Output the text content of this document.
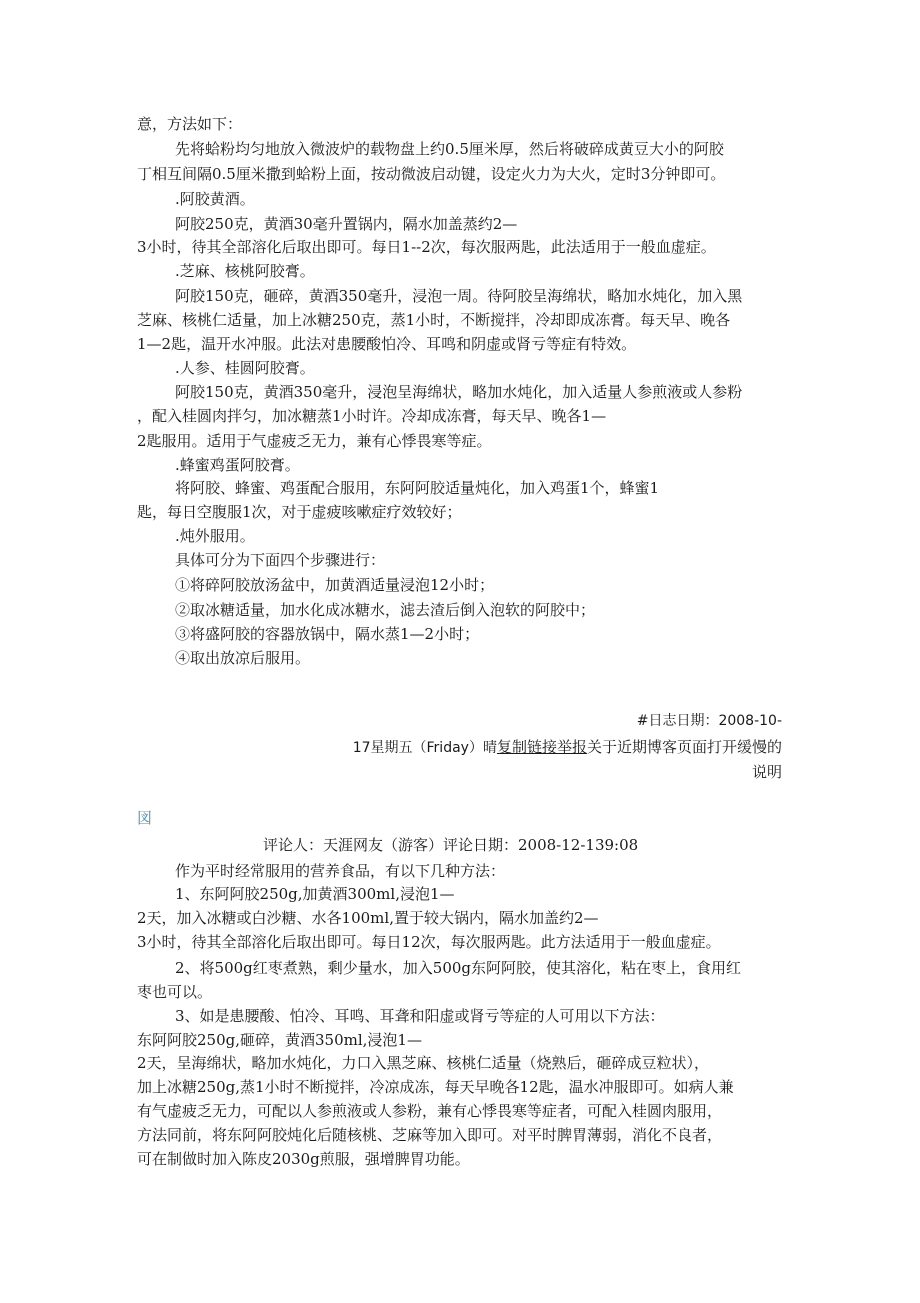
意，方法如下：
先将蛤粉均匀地放入微波炉的载物盘上约0.5厘米厚，然后将破碎成黄豆大小的阿胶
丁相互间隔0.5厘米撒到蛤粉上面，按动微波启动键，设定火力为大火，定时3分钟即可。
.阿胶黄酒。
阿胶250克，黄酒30毫升置锅内，隔水加盖蒸约2—
3小时，待其全部溶化后取出即可。每日1--2次，每次服两匙，此法适用于一般血虚症。
.芝麻、核桃阿胶膏。
阿胶150克，砸碎，黄酒350毫升，浸泡一周。待阿胶呈海绵状，略加水炖化，加入黑
芝麻、核桃仁适量，加上冰糖250克，蒸1小时，不断搅拌，冷却即成冻膏。每天早、晚各
1—2匙，温开水冲服。此法对患腰酸怕冷、耳鸣和阴虚或肾亏等症有特效。
.人参、桂圆阿胶膏。
阿胶150克，黄酒350毫升，浸泡呈海绵状，略加水炖化，加入适量人参煎液或人参粉
，配入桂圆肉拌匀，加冰糖蒸1小时许。冷却成冻膏，每天早、晚各1—
2匙服用。适用于气虚疲乏无力，兼有心悸畏寒等症。
.蜂蜜鸡蛋阿胶膏。
将阿胶、蜂蜜、鸡蛋配合服用，东阿阿胶适量炖化，加入鸡蛋1个，蜂蜜1
匙，每日空腹服1次，对于虚疲咳嗽症疗效较好；
.炖外服用。
具体可分为下面四个步骤进行：
①将碎阿胶放汤盆中，加黄酒适量浸泡12小时；
②取冰糖适量，加水化成冰糖水，滤去渣后倒入泡软的阿胶中；
③将盛阿胶的容器放锅中，隔水蒸1—2小时；
④取出放凉后服用。
#日志日期：2008-10-
17星期五（Friday）晴复制链接举报关于近期博客页面打开缓慢的
说明
図
评论人：天涯网友（游客）评论日期：2008-12-139:08
作为平时经常服用的营养食品，有以下几种方法：
1、东阿阿胶250g,加黄酒300ml,浸泡1—
2天，加入冰糖或白沙糖、水各100ml,置于较大锅内，隔水加盖约2—
3小时，待其全部溶化后取出即可。每日12次，每次服两匙。此方法适用于一般血虚症。
2、将500g红枣煮熟，剩少量水，加入500g东阿阿胶，使其溶化，粘在枣上，食用红
枣也可以。
3、如是患腰酸、怕冷、耳鸣、耳聋和阳虚或肾亏等症的人可用以下方法：
东阿阿胶250g,砸碎，黄酒350ml,浸泡1—
2天，呈海绵状，略加水炖化，力口入黑芝麻、核桃仁适量（烧熟后，砸碎成豆粒状），
加上冰糖250g,蒸1小时不断搅拌，冷凉成冻，每天早晚各12匙，温水冲服即可。如病人兼
有气虚疲乏无力，可配以人参煎液或人参粉，兼有心悸畏寒等症者，可配入桂圆肉服用，
方法同前，将东阿阿胶炖化后随核桃、芝麻等加入即可。对平时脾胃薄弱，消化不良者，
可在制做时加入陈皮2030g煎服，强增脾胃功能。
